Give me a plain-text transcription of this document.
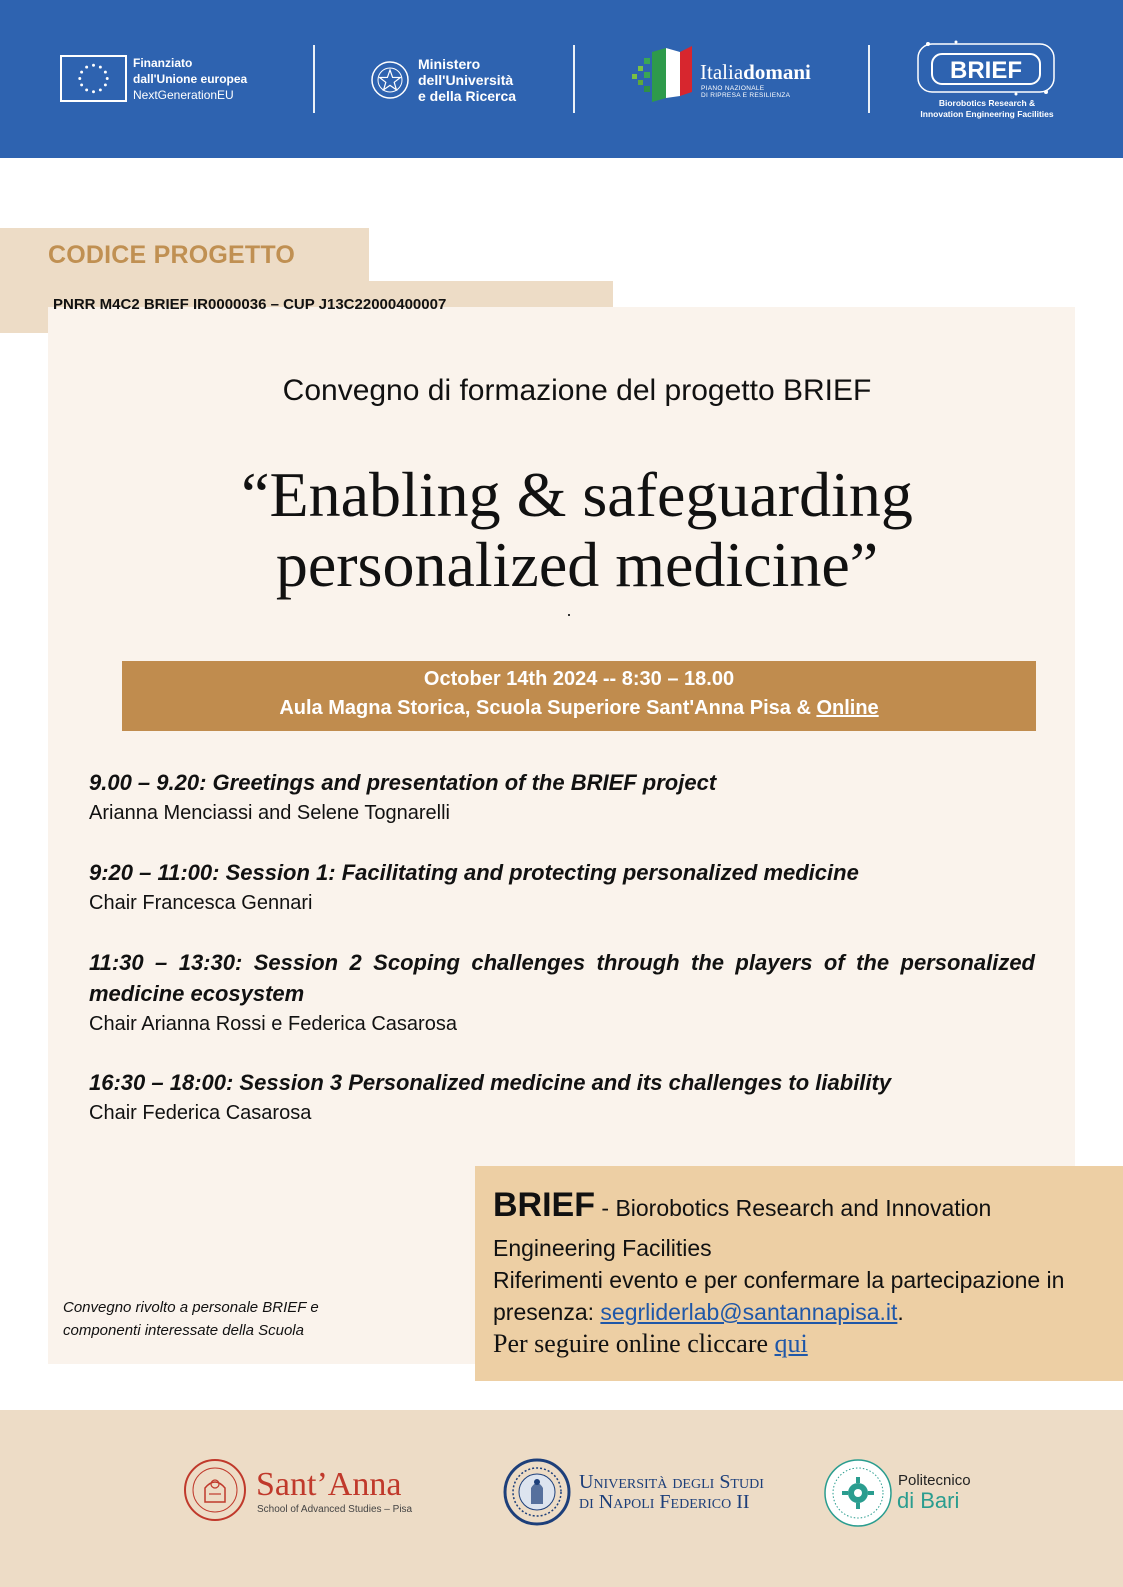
Finanziato
dall'Unione europea
NextGenerationEU
Ministero
dell'Università
e della Ricerca
Italiadomani
PIANO NAZIONALE
DI RIPRESA E RESILIENZA
BRIEF
Biorobotics Research &
Innovation Engineering Facilities
CODICE PROGETTO
PNRR M4C2 BRIEF IR0000036 – CUP J13C22000400007
Convegno di formazione del progetto BRIEF
“Enabling & safeguarding
personalized medicine”
October 14th 2024 -- 8:30 – 18.00
Aula Magna Storica, Scuola Superiore Sant'Anna Pisa & Online
9.00 – 9.20: Greetings and presentation of the BRIEF project
Arianna Menciassi and Selene Tognarelli
9:20 – 11:00: Session 1: Facilitating and protecting personalized medicine
Chair Francesca Gennari
11:30 – 13:30: Session 2 Scoping challenges through the players of the personalized medicine ecosystem
Chair Arianna Rossi e Federica Casarosa
16:30 – 18:00: Session 3 Personalized medicine and its challenges to liability
Chair Federica Casarosa
Convegno rivolto a personale BRIEF e
componenti interessate della Scuola
BRIEF - Biorobotics Research and Innovation
Engineering Facilities
Riferimenti evento e per confermare la partecipazione in
presenza: segrliderlab@santannapisa.it.
Per seguire online cliccare qui
Sant’Anna
School of Advanced Studies – Pisa
Università degli Studi
di Napoli Federico II
Politecnico
di Bari
